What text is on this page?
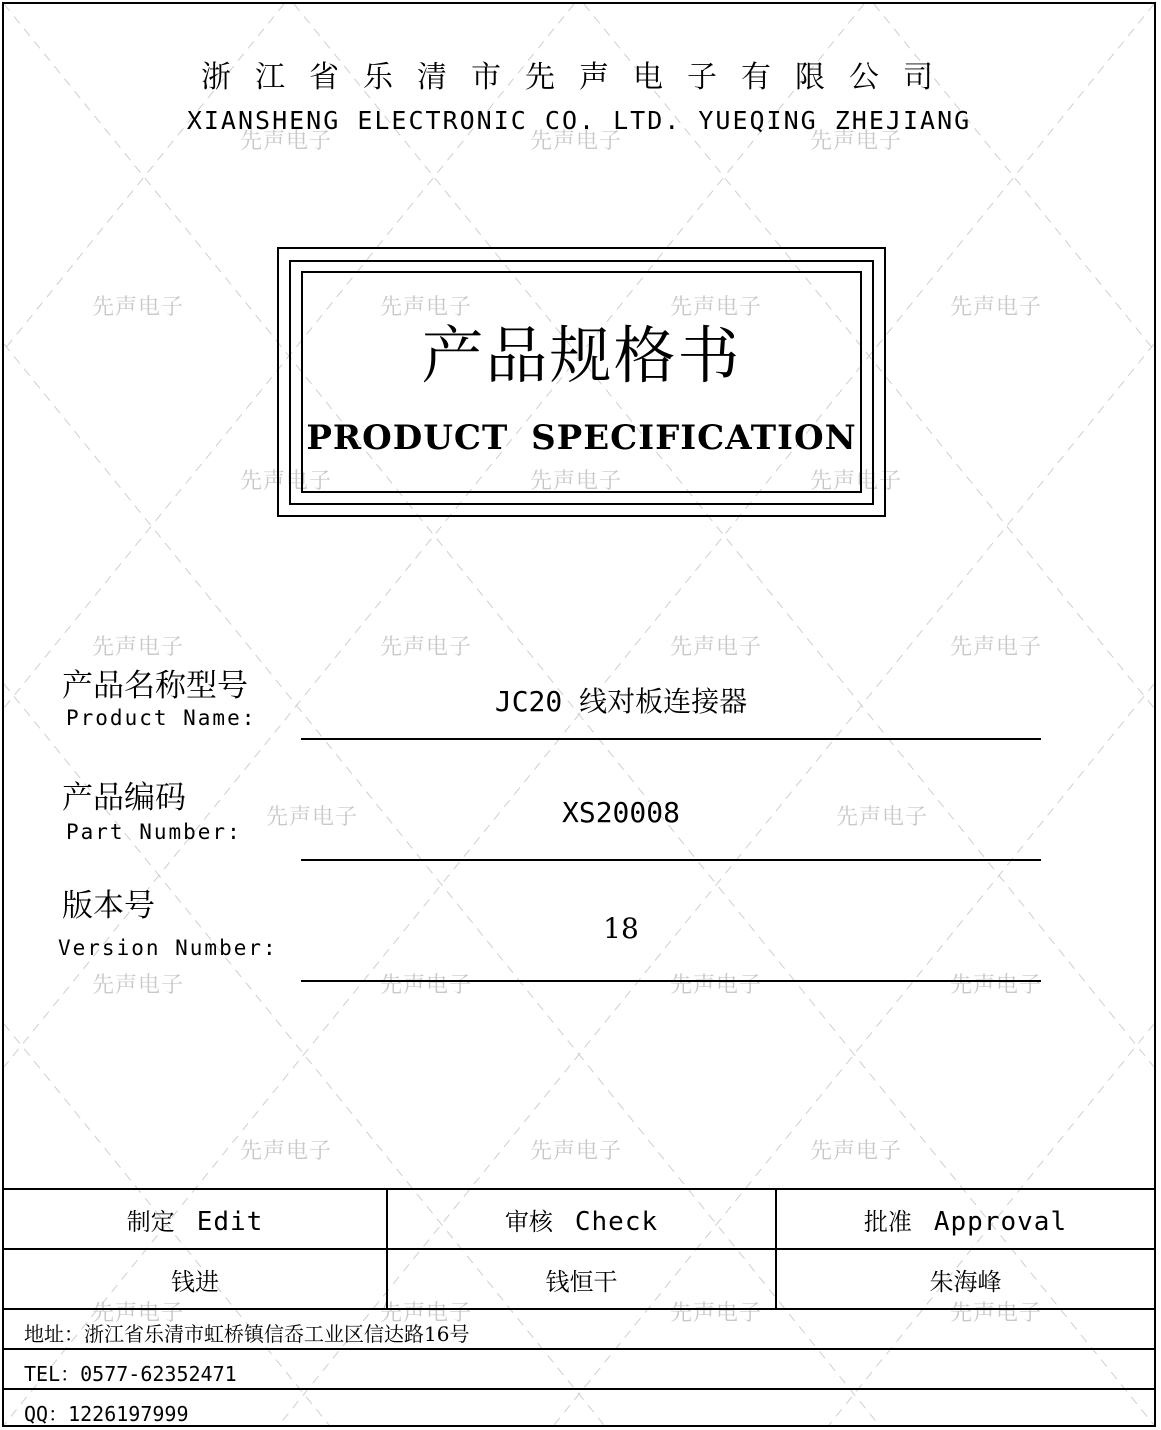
先声电子	先声电子	先声电子
先声电子	先声电子	先声电子	先声电子
先声电子	先声电子	先声电子
先声电子	先声电子	先声电子	先声电子
先声电子	先声电子
先声电子	先声电子	先声电子	先声电子
先声电子	先声电子	先声电子
先声电子	先声电子	先声电子	先声电子
浙江省乐清市先声电子有限公司
XIANSHENG ELECTRONIC CO. LTD. YUEQING ZHEJIANG
产品规格书
PRODUCT SPECIFICATION
产品名称型号
Product Name:	JC20 线对板连接器
产品编码
Part Number:
XS20008
版本号
Version Number:
18
制定 Edit	审核 Check	批准 Approval
钱进	钱恒干	朱海峰
地址：浙江省乐清市虹桥镇信岙工业区信达路16号
TEL：0577-62352471
QQ：1226197999
